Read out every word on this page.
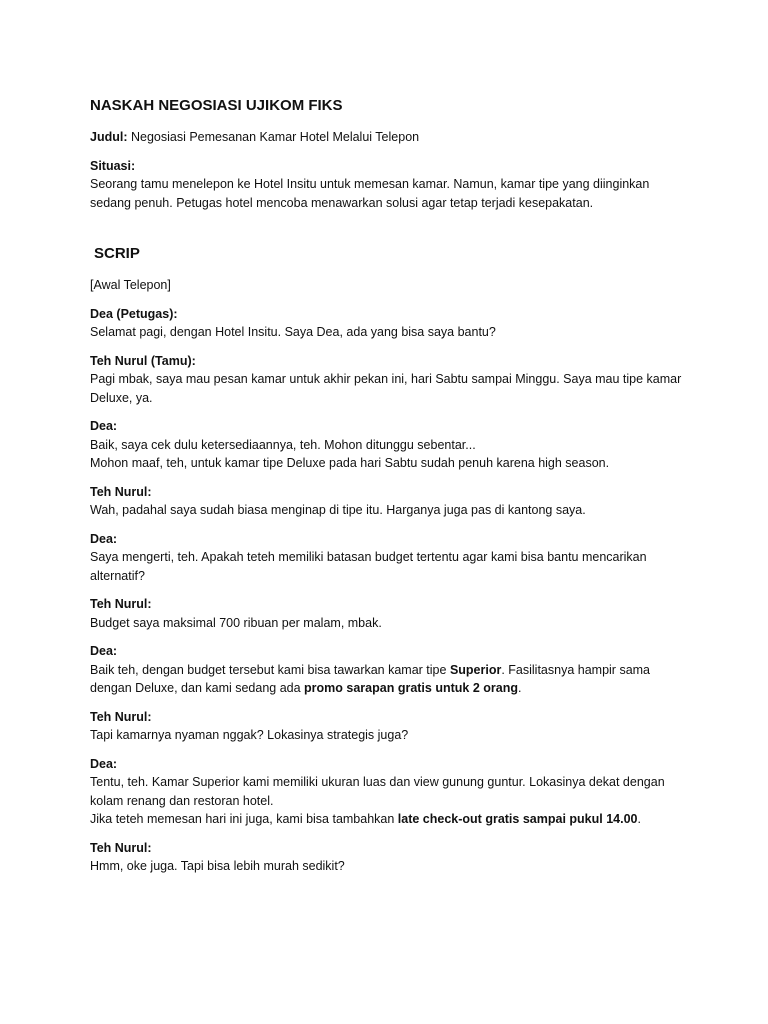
NASKAH NEGOSIASI UJIKOM FIKS
Judul: Negosiasi Pemesanan Kamar Hotel Melalui Telepon
Situasi:
Seorang tamu menelepon ke Hotel Insitu untuk memesan kamar. Namun, kamar tipe yang diinginkan sedang penuh. Petugas hotel mencoba menawarkan solusi agar tetap terjadi kesepakatan.
SCRIP
[Awal Telepon]
Dea (Petugas):
Selamat pagi, dengan Hotel Insitu. Saya Dea, ada yang bisa saya bantu?
Teh Nurul (Tamu):
Pagi mbak, saya mau pesan kamar untuk akhir pekan ini, hari Sabtu sampai Minggu. Saya mau tipe kamar Deluxe, ya.
Dea:
Baik, saya cek dulu ketersediaannya, teh. Mohon ditunggu sebentar...
Mohon maaf, teh, untuk kamar tipe Deluxe pada hari Sabtu sudah penuh karena high season.
Teh Nurul:
Wah, padahal saya sudah biasa menginap di tipe itu. Harganya juga pas di kantong saya.
Dea:
Saya mengerti, teh. Apakah teteh memiliki batasan budget tertentu agar kami bisa bantu mencarikan alternatif?
Teh Nurul:
Budget saya maksimal 700 ribuan per malam, mbak.
Dea:
Baik teh, dengan budget tersebut kami bisa tawarkan kamar tipe Superior. Fasilitasnya hampir sama dengan Deluxe, dan kami sedang ada promo sarapan gratis untuk 2 orang.
Teh Nurul:
Tapi kamarnya nyaman nggak? Lokasinya strategis juga?
Dea:
Tentu, teh. Kamar Superior kami memiliki ukuran luas dan view gunung guntur. Lokasinya dekat dengan kolam renang dan restoran hotel.
Jika teteh memesan hari ini juga, kami bisa tambahkan late check-out gratis sampai pukul 14.00.
Teh Nurul:
Hmm, oke juga. Tapi bisa lebih murah sedikit?
